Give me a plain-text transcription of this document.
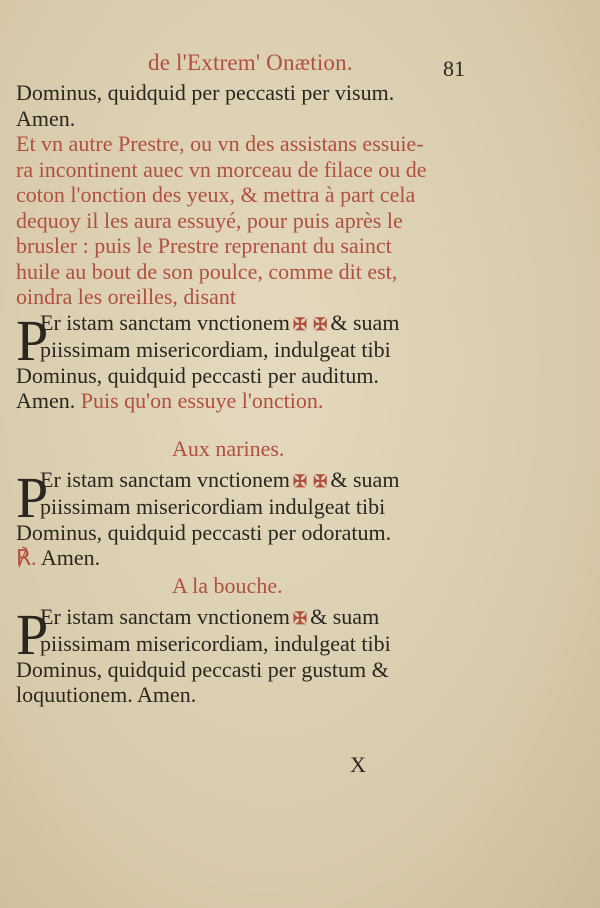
de l'Extrem' Onætion.	81
Dominus, quidquid per peccasti per visum.
Amen.
Et vn autre Prestre, ou vn des assistans essuie-
ra incontinent auec vn morceau de filace ou de
coton l'onction des yeux, & mettra à part cela
dequoy il les aura essuyé, pour puis après le
brusler : puis le Prestre reprenant du sainct
huile au bout de son poulce, comme dit est,
oindra les oreilles, disant
P
Er istam sanctam vnctionem ✠ ✠ & suam
piissimam misericordiam, indulgeat tibi
Dominus, quidquid peccasti per auditum.
Amen. Puis qu'on essuye l'onction.
Aux narines.
P
Er istam sanctam vnctionem ✠ ✠ & suam
piissimam misericordiam indulgeat tibi
Dominus, quidquid peccasti per odoratum.
℟. Amen.
A la bouche.
P
Er istam sanctam vnctionem ✠ & suam
piissimam misericordiam, indulgeat tibi
Dominus, quidquid peccasti per gustum &
loquutionem. Amen.
X
